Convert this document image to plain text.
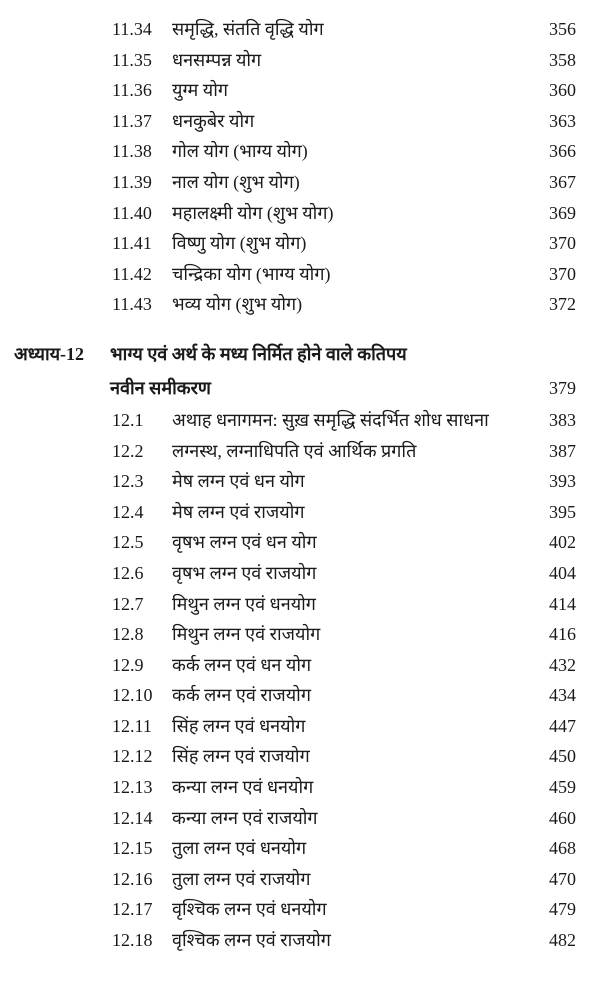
11.34 समृद्धि, संतति वृद्धि योग	356
11.35 धनसम्पन्न योग	358
11.36 युग्म योग	360
11.37 धनकुबेर योग	363
11.38 गोल योग (भाग्य योग)	366
11.39 नाल योग (शुभ योग)	367
11.40 महालक्ष्मी योग (शुभ योग)	369
11.41 विष्णु योग (शुभ योग)	370
11.42 चन्द्रिका योग (भाग्य योग)	370
11.43 भव्य योग (शुभ योग)	372
अध्याय-12 भाग्य एवं अर्थ के मध्य निर्मित होने वाले कतिपय
नवीन समीकरण	379
12.1 अथाह धनागमन: सुख़ समृद्धि संदर्भित शोध साधना	383
12.2 लग्नस्थ, लग्नाधिपति एवं आर्थिक प्रगति	387
12.3 मेष लग्न एवं धन योग	393
12.4 मेष लग्न एवं राजयोग	395
12.5 वृषभ लग्न एवं धन योग	402
12.6 वृषभ लग्न एवं राजयोग	404
12.7 मिथुन लग्न एवं धनयोग	414
12.8 मिथुन लग्न एवं राजयोग	416
12.9 कर्क लग्न एवं धन योग	432
12.10 कर्क लग्न एवं राजयोग	434
12.11 सिंह लग्न एवं धनयोग	447
12.12 सिंह लग्न एवं राजयोग	450
12.13 कन्या लग्न एवं धनयोग	459
12.14 कन्या लग्न एवं राजयोग	460
12.15 तुला लग्न एवं धनयोग	468
12.16 तुला लग्न एवं राजयोग	470
12.17 वृश्चिक लग्न एवं धनयोग	479
12.18 वृश्चिक लग्न एवं राजयोग	482
